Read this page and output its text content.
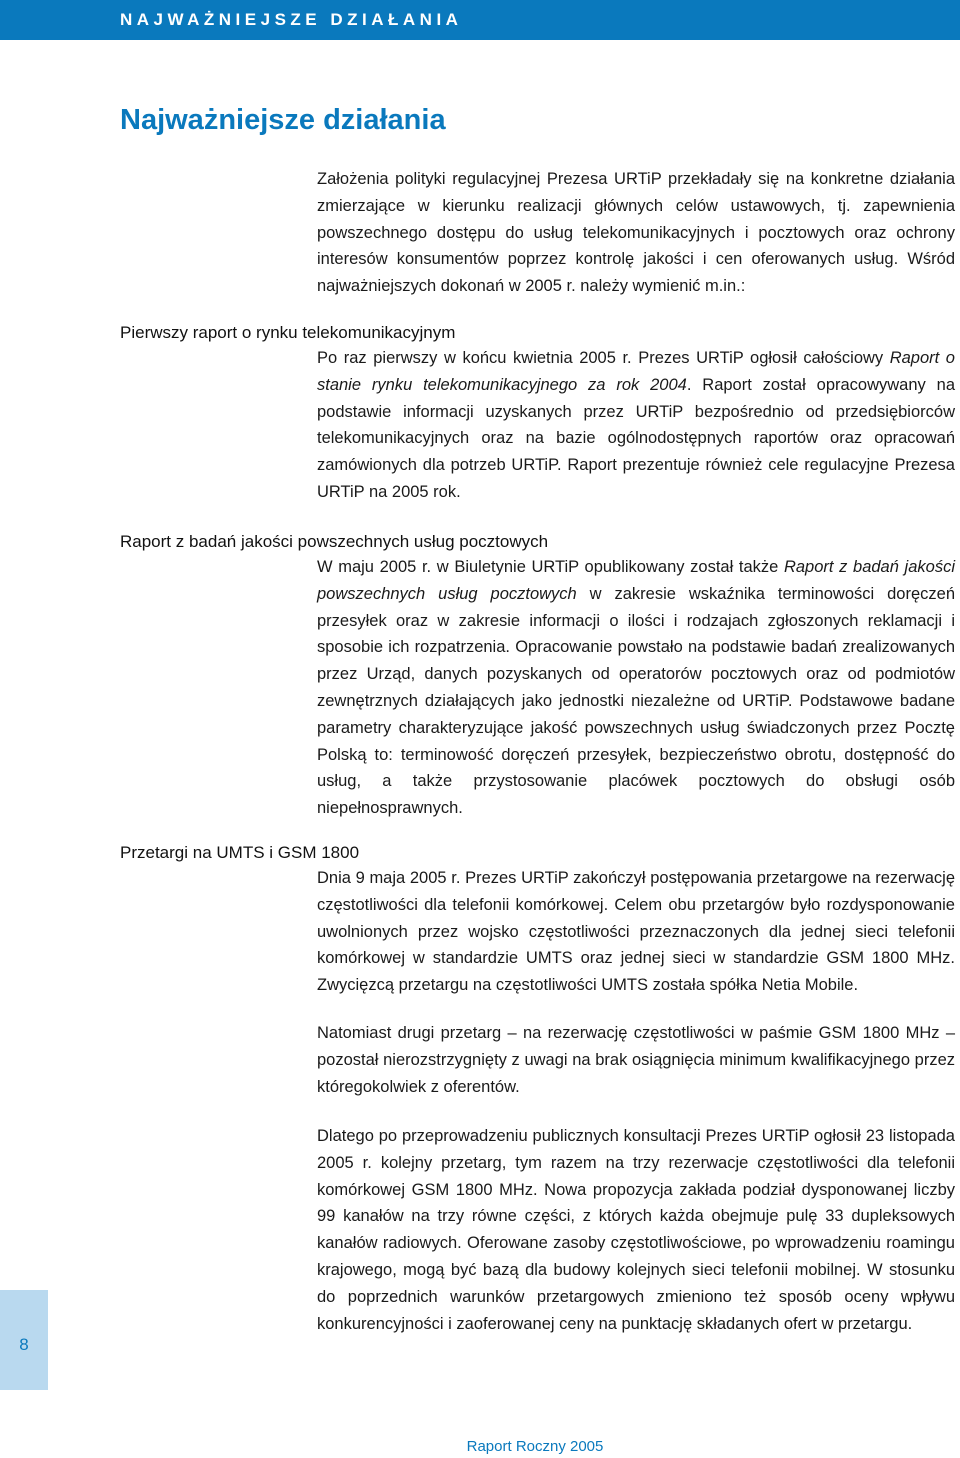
NAJWAŻNIEJSZE DZIAŁANIA
Najważniejsze działania

Założenia polityki regulacyjnej Prezesa URTiP przekładały się na konkretne działania zmierzające w kierunku realizacji głównych celów ustawowych, tj. zapewnienia powszechnego dostępu do usług telekomunikacyjnych i pocztowych oraz ochrony interesów konsumentów poprzez kontrolę jakości i cen oferowanych usług. Wśród najważniejszych dokonań w 2005 r. należy wymienić m.in.:

Pierwszy raport o rynku telekomunikacyjnym

Po raz pierwszy w końcu kwietnia 2005 r. Prezes URTiP ogłosił całościowy Raport o stanie rynku telekomunikacyjnego za rok 2004. Raport został opracowywany na podstawie informacji uzyskanych przez URTiP bezpośrednio od przedsiębiorców telekomunikacyjnych oraz na bazie ogólnodostępnych raportów oraz opracowań zamówionych dla potrzeb URTiP. Raport prezentuje również cele regulacyjne Prezesa URTiP na 2005 rok.

Raport z badań jakości powszechnych usług pocztowych

W maju 2005 r. w Biuletynie URTiP opublikowany został także Raport z badań jakości powszechnych usług pocztowych w zakresie wskaźnika terminowości doręczeń przesyłek oraz w zakresie informacji o ilości i rodzajach zgłoszonych reklamacji i sposobie ich rozpatrzenia. Opracowanie powstało na podstawie badań zrealizowanych przez Urząd, danych pozyskanych od operatorów pocztowych oraz od podmiotów zewnętrznych działających jako jednostki niezależne od URTiP. Podstawowe badane parametry charakteryzujące jakość powszechnych usług świadczonych przez Pocztę Polską to: terminowość doręczeń przesyłek, bezpieczeństwo obrotu, dostępność do usług, a także przystosowanie placówek pocztowych do obsługi osób niepełnosprawnych.

Przetargi na UMTS i GSM 1800

Dnia 9 maja 2005 r. Prezes URTiP zakończył postępowania przetargowe na rezerwację częstotliwości dla telefonii komórkowej. Celem obu przetargów było rozdysponowanie uwolnionych przez wojsko częstotliwości przeznaczonych dla jednej sieci telefonii komórkowej w standardzie UMTS oraz jednej sieci w standardzie GSM 1800 MHz. Zwycięzcą przetargu na częstotliwości UMTS została spółka Netia Mobile.

Natomiast drugi przetarg – na rezerwację częstotliwości w paśmie GSM 1800 MHz – pozostał nierozstrzygnięty z uwagi na brak osiągnięcia minimum kwalifikacyjnego przez któregokolwiek z oferentów.

Dlatego po przeprowadzeniu publicznych konsultacji Prezes URTiP ogłosił 23 listopada 2005 r. kolejny przetarg, tym razem na trzy rezerwacje częstotliwości dla telefonii komórkowej GSM 1800 MHz. Nowa propozycja zakłada podział dysponowanej liczby 99 kanałów na trzy równe części, z których każda obejmuje pulę 33 dupleksowych kanałów radiowych. Oferowane zasoby częstotliwościowe, po wprowadzeniu roamingu krajowego, mogą być bazą dla budowy kolejnych sieci telefonii mobilnej. W stosunku do poprzednich warunków przetargowych zmieniono też sposób oceny wpływu konkurencyjności i zaoferowanej ceny na punktację składanych ofert w przetargu.

8
Raport Roczny 2005
